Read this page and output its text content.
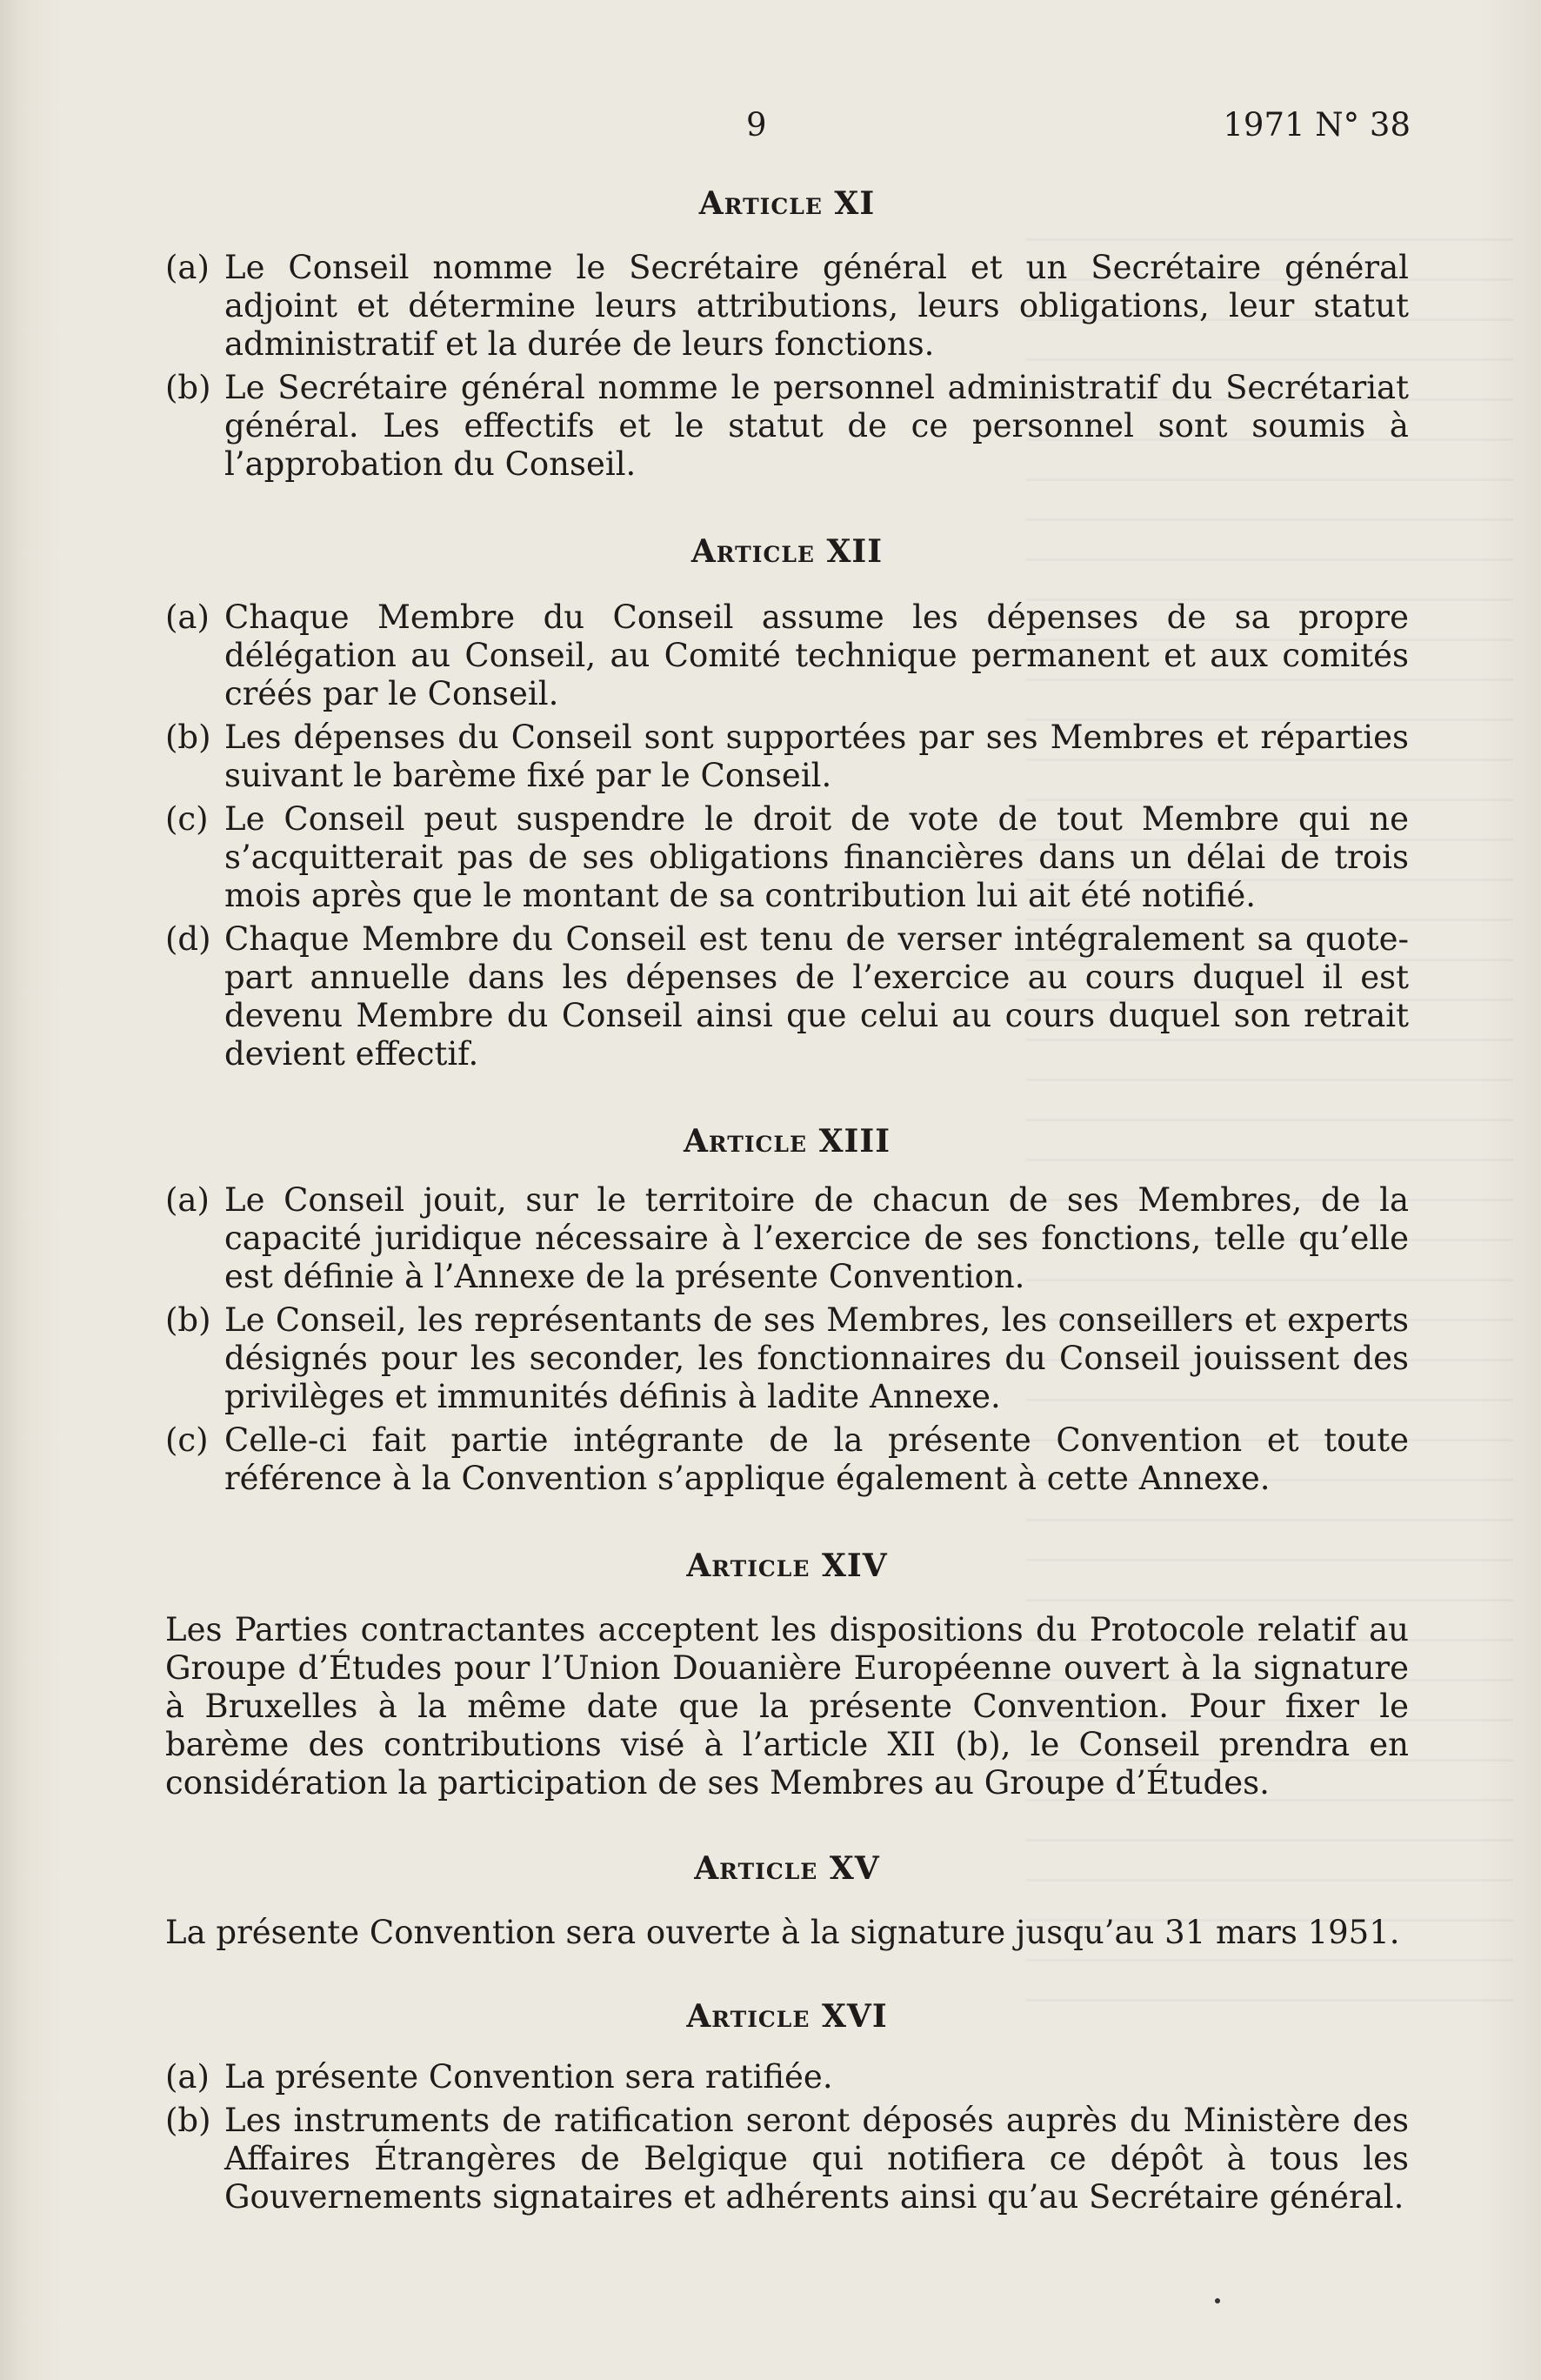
9	1971 N° 38
Article XI

(a) Le Conseil nomme le Secrétaire général et un Secrétaire général adjoint et détermine leurs attributions, leurs obligations, leur statut administratif et la durée de leurs fonctions.

(b) Le Secrétaire général nomme le personnel administratif du Secrétariat général. Les effectifs et le statut de ce personnel sont soumis à l’approbation du Conseil.

Article XII

(a) Chaque Membre du Conseil assume les dépenses de sa propre délégation au Conseil, au Comité technique permanent et aux comités créés par le Conseil.

(b) Les dépenses du Conseil sont supportées par ses Membres et réparties suivant le barème fixé par le Conseil.

(c) Le Conseil peut suspendre le droit de vote de tout Membre qui ne s’acquitterait pas de ses obligations financières dans un délai de trois mois après que le montant de sa contribution lui ait été notifié.

(d) Chaque Membre du Conseil est tenu de verser intégralement sa quote-part annuelle dans les dépenses de l’exercice au cours duquel il est devenu Membre du Conseil ainsi que celui au cours duquel son retrait devient effectif.

Article XIII

(a) Le Conseil jouit, sur le territoire de chacun de ses Membres, de la capacité juridique nécessaire à l’exercice de ses fonctions, telle qu’elle est définie à l’Annexe de la présente Convention.

(b) Le Conseil, les représentants de ses Membres, les conseillers et experts désignés pour les seconder, les fonctionnaires du Conseil jouissent des privilèges et immunités définis à ladite Annexe.

(c) Celle-ci fait partie intégrante de la présente Convention et toute référence à la Convention s’applique également à cette Annexe.

Article XIV

Les Parties contractantes acceptent les dispositions du Protocole relatif au Groupe d’Études pour l’Union Douanière Européenne ouvert à la signature à Bruxelles à la même date que la présente Convention. Pour fixer le barème des contributions visé à l’article XII (b), le Conseil prendra en considération la participation de ses Membres au Groupe d’Études.

Article XV

La présente Convention sera ouverte à la signature jusqu’au 31 mars 1951.

Article XVI

(a) La présente Convention sera ratifiée.

(b) Les instruments de ratification seront déposés auprès du Ministère des Affaires Étrangères de Belgique qui notifiera ce dépôt à tous les Gouvernements signataires et adhérents ainsi qu’au Secrétaire général.
